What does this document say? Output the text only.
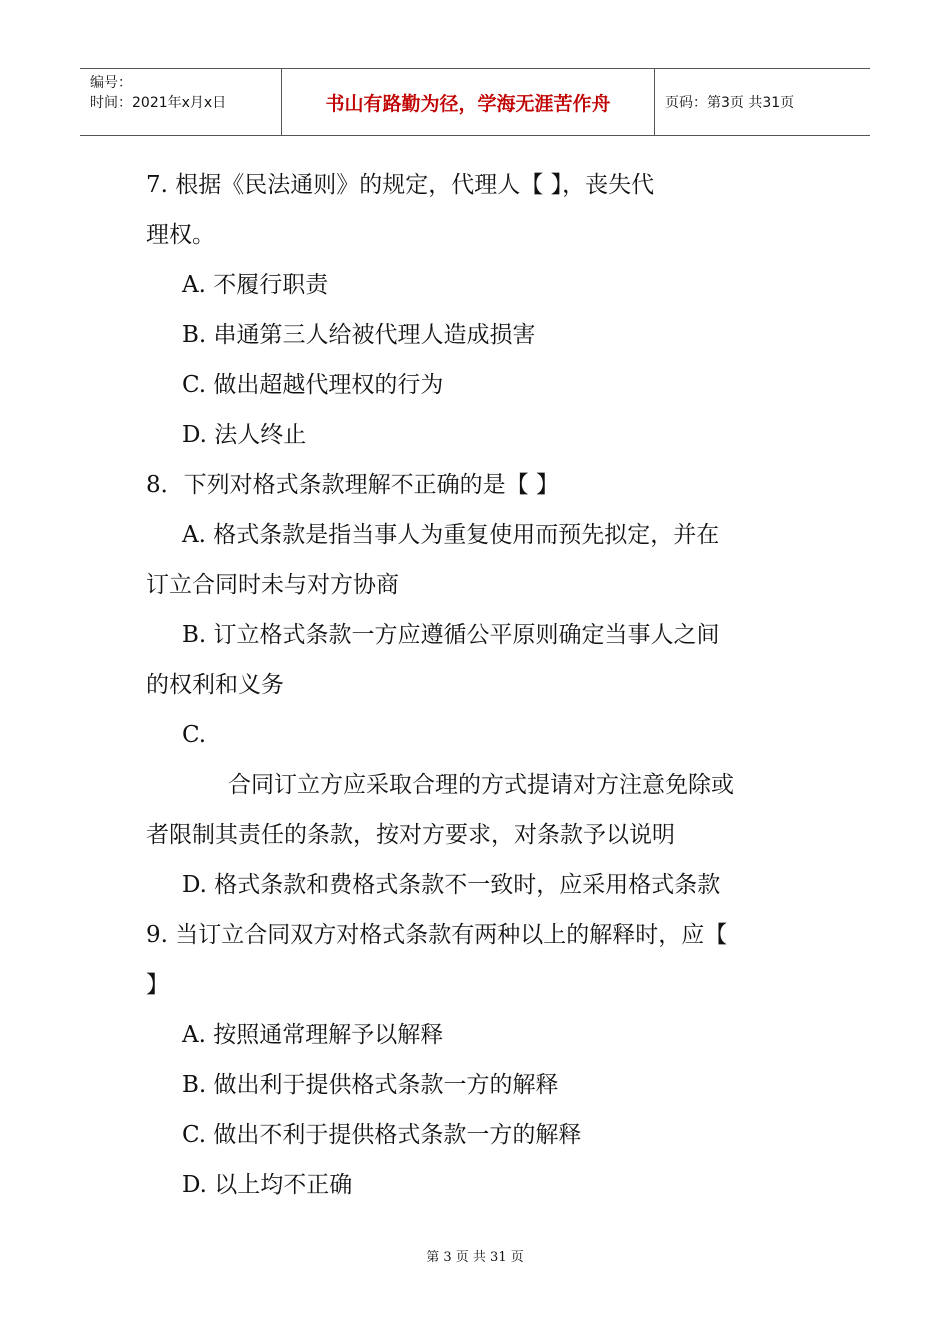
编号：
时间：2021年x月x日	书山有路勤为径，学海无涯苦作舟	页码：第3页 共31页
7. 根据《民法通则》的规定，代理人【 】，丧失代
理权。
A. 不履行职责
B. 串通第三人给被代理人造成损害
C. 做出超越代理权的行为
D. 法人终止
8．下列对格式条款理解不正确的是【 】
A. 格式条款是指当事人为重复使用而预先拟定，并在
订立合同时未与对方协商
B. 订立格式条款一方应遵循公平原则确定当事人之间
的权利和义务
C.
合同订立方应采取合理的方式提请对方注意免除或
者限制其责任的条款，按对方要求，对条款予以说明
D. 格式条款和费格式条款不一致时，应采用格式条款
9. 当订立合同双方对格式条款有两种以上的解释时，应【
】
A. 按照通常理解予以解释
B. 做出利于提供格式条款一方的解释
C. 做出不利于提供格式条款一方的解释
D. 以上均不正确
第 3 页 共 31 页
